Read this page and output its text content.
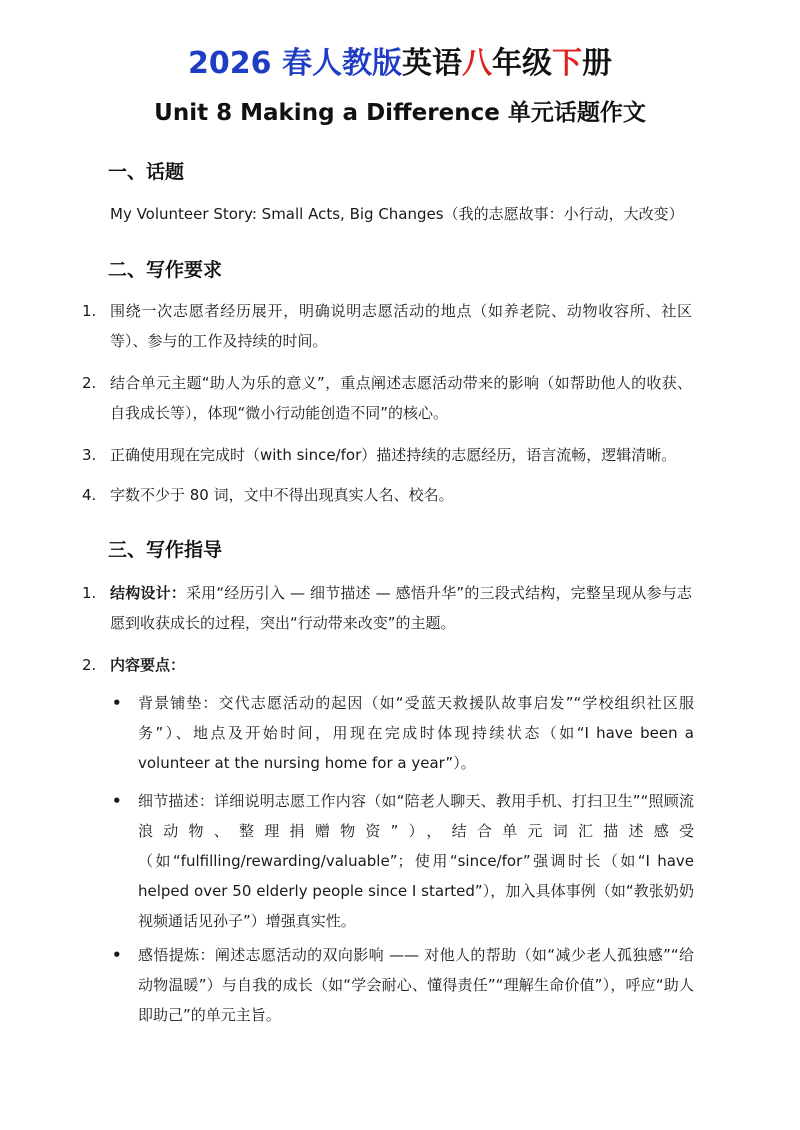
2026 春人教版英语八年级下册
Unit 8 Making a Difference 单元话题作文
一、话题
My Volunteer Story: Small Acts, Big Changes（我的志愿故事：小行动，大改变）
二、写作要求
1. 围绕一次志愿者经历展开，明确说明志愿活动的地点（如养老院、动物收容所、社区等）、参与的工作及持续的时间。
2. 结合单元主题“助人为乐的意义”，重点阐述志愿活动带来的影响（如帮助他人的收获、自我成长等），体现“微小行动能创造不同”的核心。
3. 正确使用现在完成时（with since/for）描述持续的志愿经历，语言流畅，逻辑清晰。
4. 字数不少于 80 词，文中不得出现真实人名、校名。
三、写作指导
1. 结构设计：采用“经历引入 — 细节描述 — 感悟升华”的三段式结构，完整呈现从参与志愿到收获成长的过程，突出“行动带来改变”的主题。
2. 内容要点：
•	背景铺垫：交代志愿活动的起因（如“受蓝天救援队故事启发”“学校组织社区服务”）、地点及开始时间，用现在完成时体现持续状态（如“I have been a volunteer at the nursing home for a year”）。
•	细节描述：详细说明志愿工作内容（如“陪老人聊天、教用手机、打扫卫生”“照顾流浪动物、整理捐赠物资”），结合单元词汇描述感受（如“fulfilling/rewarding/valuable”；使用“since/for”强调时长（如“I have helped over 50 elderly people since I started”），加入具体事例（如“教张奶奶视频通话见孙子”）增强真实性。
•	感悟提炼：阐述志愿活动的双向影响 —— 对他人的帮助（如“减少老人孤独感”“给动物温暖”）与自我的成长（如“学会耐心、懂得责任”“理解生命价值”），呼应“助人即助己”的单元主旨。
